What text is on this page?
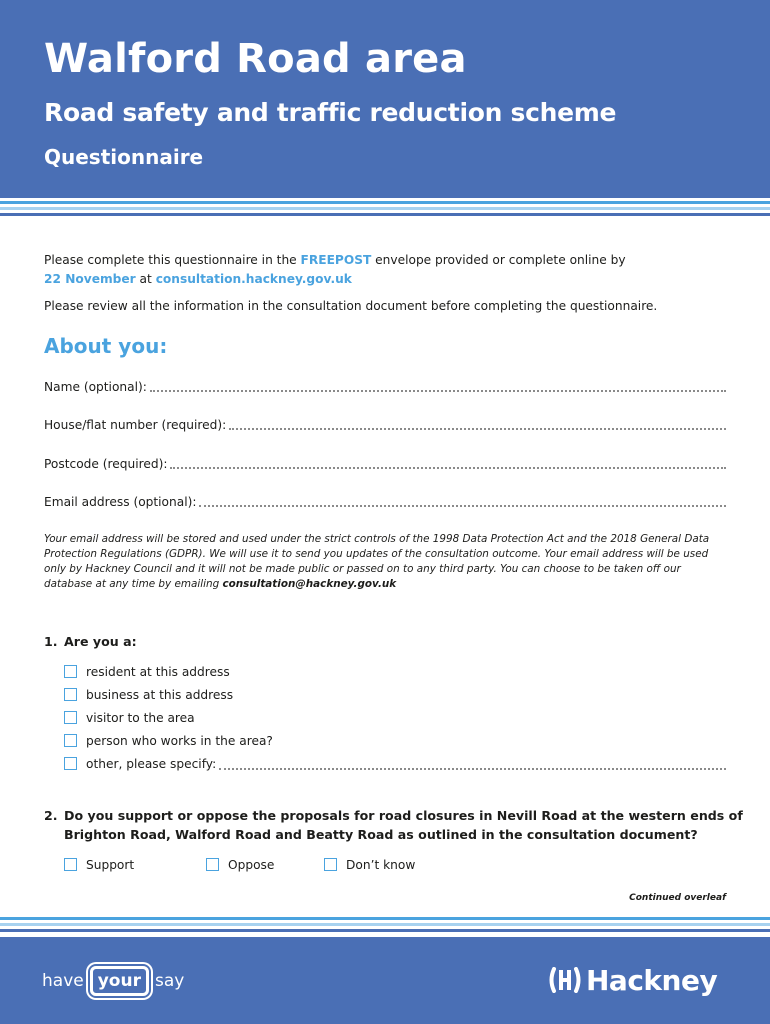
Walford Road area
Road safety and traffic reduction scheme
Questionnaire
Please complete this questionnaire in the FREEPOST envelope provided or complete online by
22 November at consultation.hackney.gov.uk
Please review all the information in the consultation document before completing the questionnaire.
About you:
Name (optional):
House/flat number (required):
Postcode (required):
Email address (optional):
Your email address will be stored and used under the strict controls of the 1998 Data Protection Act and the 2018 General Data Protection Regulations (GDPR). We will use it to send you updates of the consultation outcome. Your email address will be used only by Hackney Council and it will not be made public or passed on to any third party. You can choose to be taken off our database at any time by emailing consultation@hackney.gov.uk
1. Are you a:
resident at this address
business at this address
visitor to the area
person who works in the area?
other, please specify:
2. Do you support or oppose the proposals for road closures in Nevill Road at the western ends of
Brighton Road, Walford Road and Beatty Road as outlined in the consultation document?
Support	Oppose	Don’t know
Continued overleaf
have your say	Hackney
